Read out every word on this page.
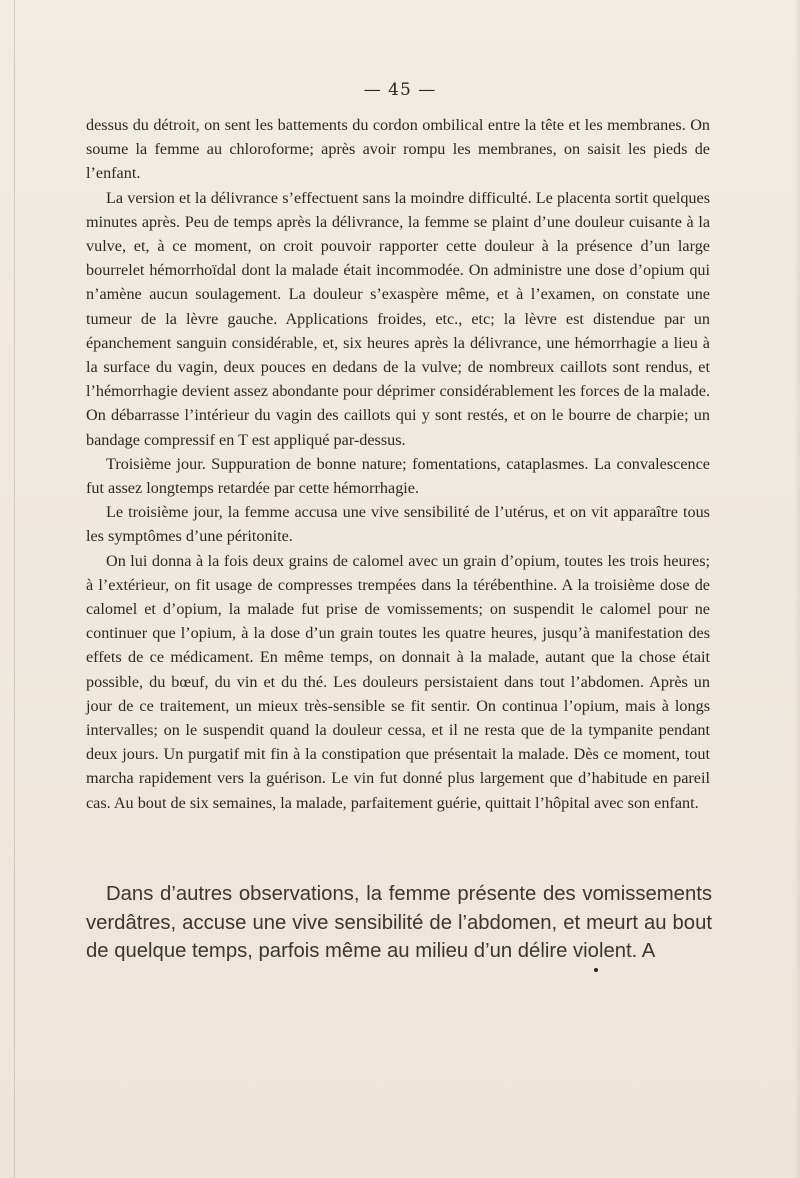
— 45 —

dessus du détroit, on sent les battements du cordon ombilical entre la tête et les membranes. On soume la femme au chloroforme; après avoir rompu les membranes, on saisit les pieds de l’enfant.

La version et la délivrance s’effectuent sans la moindre difficulté. Le placenta sortit quelques minutes après. Peu de temps après la délivrance, la femme se plaint d’une douleur cuisante à la vulve, et, à ce moment, on croit pouvoir rapporter cette douleur à la présence d’un large bourrelet hémorrhoïdal dont la malade était incommodée. On administre une dose d’opium qui n’amène aucun soulagement. La douleur s’exaspère même, et à l’examen, on constate une tumeur de la lèvre gauche. Applications froides, etc., etc; la lèvre est distendue par un épanchement sanguin considérable, et, six heures après la délivrance, une hémorrhagie a lieu à la surface du vagin, deux pouces en dedans de la vulve; de nombreux caillots sont rendus, et l’hémorrhagie devient assez abondante pour déprimer considérablement les forces de la malade. On débarrasse l’intérieur du vagin des caillots qui y sont restés, et on le bourre de charpie; un bandage compressif en T est appliqué par-dessus.

Troisième jour. Suppuration de bonne nature; fomentations, cataplasmes. La convalescence fut assez longtemps retardée par cette hémorrhagie.

Le troisième jour, la femme accusa une vive sensibilité de l’utérus, et on vit apparaître tous les symptômes d’une péritonite.

On lui donna à la fois deux grains de calomel avec un grain d’opium, toutes les trois heures; à l’extérieur, on fit usage de compresses trempées dans la térébenthine. A la troisième dose de calomel et d’opium, la malade fut prise de vomissements; on suspendit le calomel pour ne continuer que l’opium, à la dose d’un grain toutes les quatre heures, jusqu’à manifestation des effets de ce médicament. En même temps, on donnait à la malade, autant que la chose était possible, du bœuf, du vin et du thé. Les douleurs persistaient dans tout l’abdomen. Après un jour de ce traitement, un mieux très-sensible se fit sentir. On continua l’opium, mais à longs intervalles; on le suspendit quand la douleur cessa, et il ne resta que de la tympanite pendant deux jours. Un purgatif mit fin à la constipation que présentait la malade. Dès ce moment, tout marcha rapidement vers la guérison. Le vin fut donné plus largement que d’habitude en pareil cas. Au bout de six semaines, la malade, parfaitement guérie, quittait l’hôpital avec son enfant.

Dans d’autres observations, la femme présente des vomissements verdâtres, accuse une vive sensibilité de l’abdomen, et meurt au bout de quelque temps, parfois même au milieu d’un délire violent. A
